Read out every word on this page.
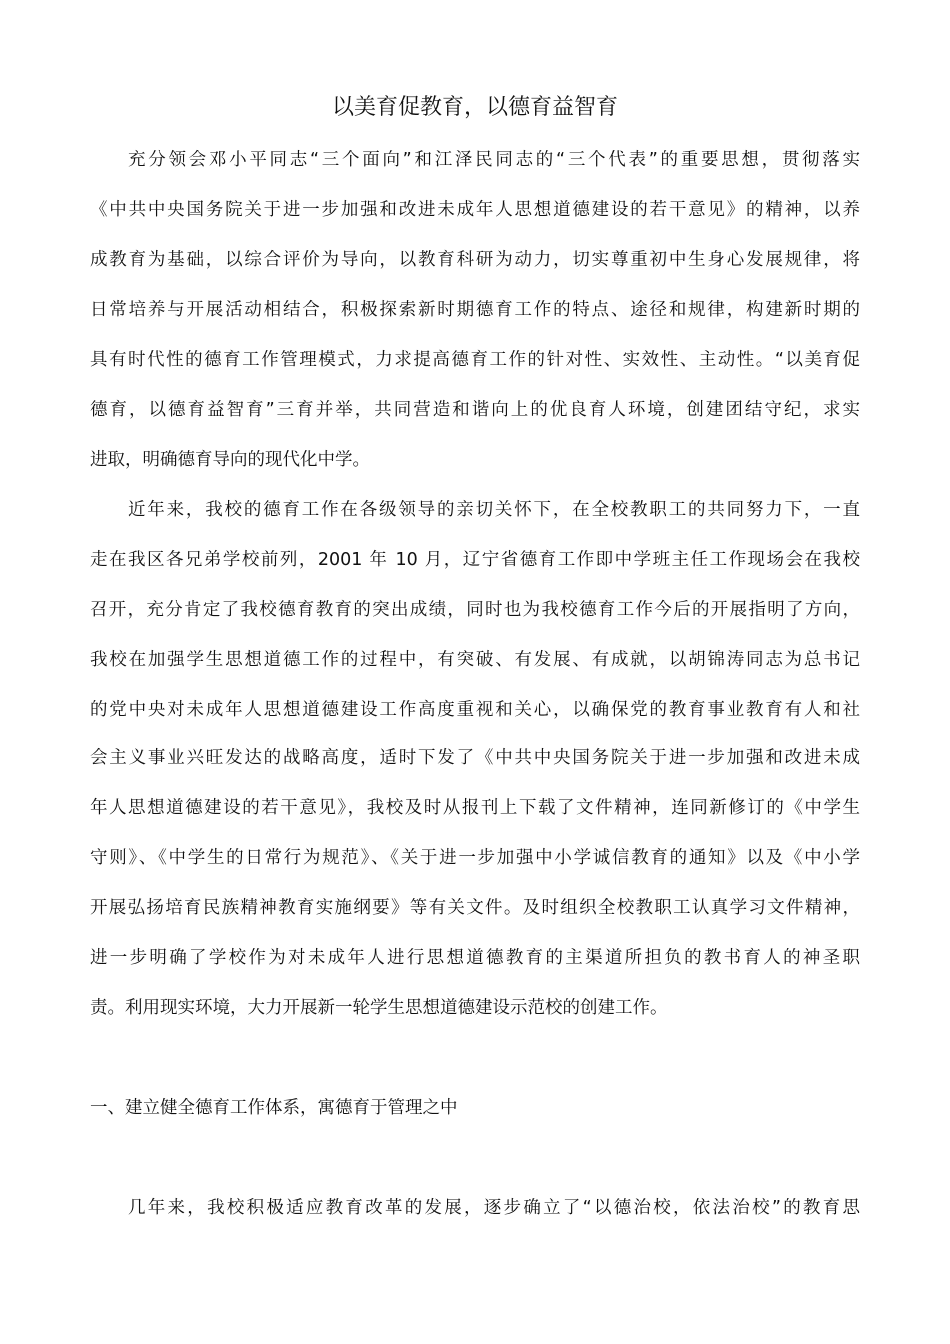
以美育促教育，以德育益智育

充分领会邓小平同志“三个面向”和江泽民同志的“三个代表”的重要思想，贯彻落实

《中共中央国务院关于进一步加强和改进未成年人思想道德建设的若干意见》的精神，以养

成教育为基础，以综合评价为导向，以教育科研为动力，切实尊重初中生身心发展规律，将

日常培养与开展活动相结合，积极探索新时期德育工作的特点、途径和规律，构建新时期的

具有时代性的德育工作管理模式，力求提高德育工作的针对性、实效性、主动性。“以美育促

德育，以德育益智育”三育并举，共同营造和谐向上的优良育人环境，创建团结守纪，求实

进取，明确德育导向的现代化中学。

近年来，我校的德育工作在各级领导的亲切关怀下，在全校教职工的共同努力下，一直

走在我区各兄弟学校前列，2001 年 10 月，辽宁省德育工作即中学班主任工作现场会在我校

召开，充分肯定了我校德育教育的突出成绩，同时也为我校德育工作今后的开展指明了方向，

我校在加强学生思想道德工作的过程中，有突破、有发展、有成就，以胡锦涛同志为总书记

的党中央对未成年人思想道德建设工作高度重视和关心，以确保党的教育事业教育有人和社

会主义事业兴旺发达的战略高度，适时下发了《中共中央国务院关于进一步加强和改进未成

年人思想道德建设的若干意见》，我校及时从报刊上下载了文件精神，连同新修订的《中学生

守则》、《中学生的日常行为规范》、《关于进一步加强中小学诚信教育的通知》以及《中小学

开展弘扬培育民族精神教育实施纲要》等有关文件。及时组织全校教职工认真学习文件精神，

进一步明确了学校作为对未成年人进行思想道德教育的主渠道所担负的教书育人的神圣职

责。利用现实环境，大力开展新一轮学生思想道德建设示范校的创建工作。

一、建立健全德育工作体系，寓德育于管理之中

几年来，我校积极适应教育改革的发展，逐步确立了“以德治校，依法治校”的教育思
